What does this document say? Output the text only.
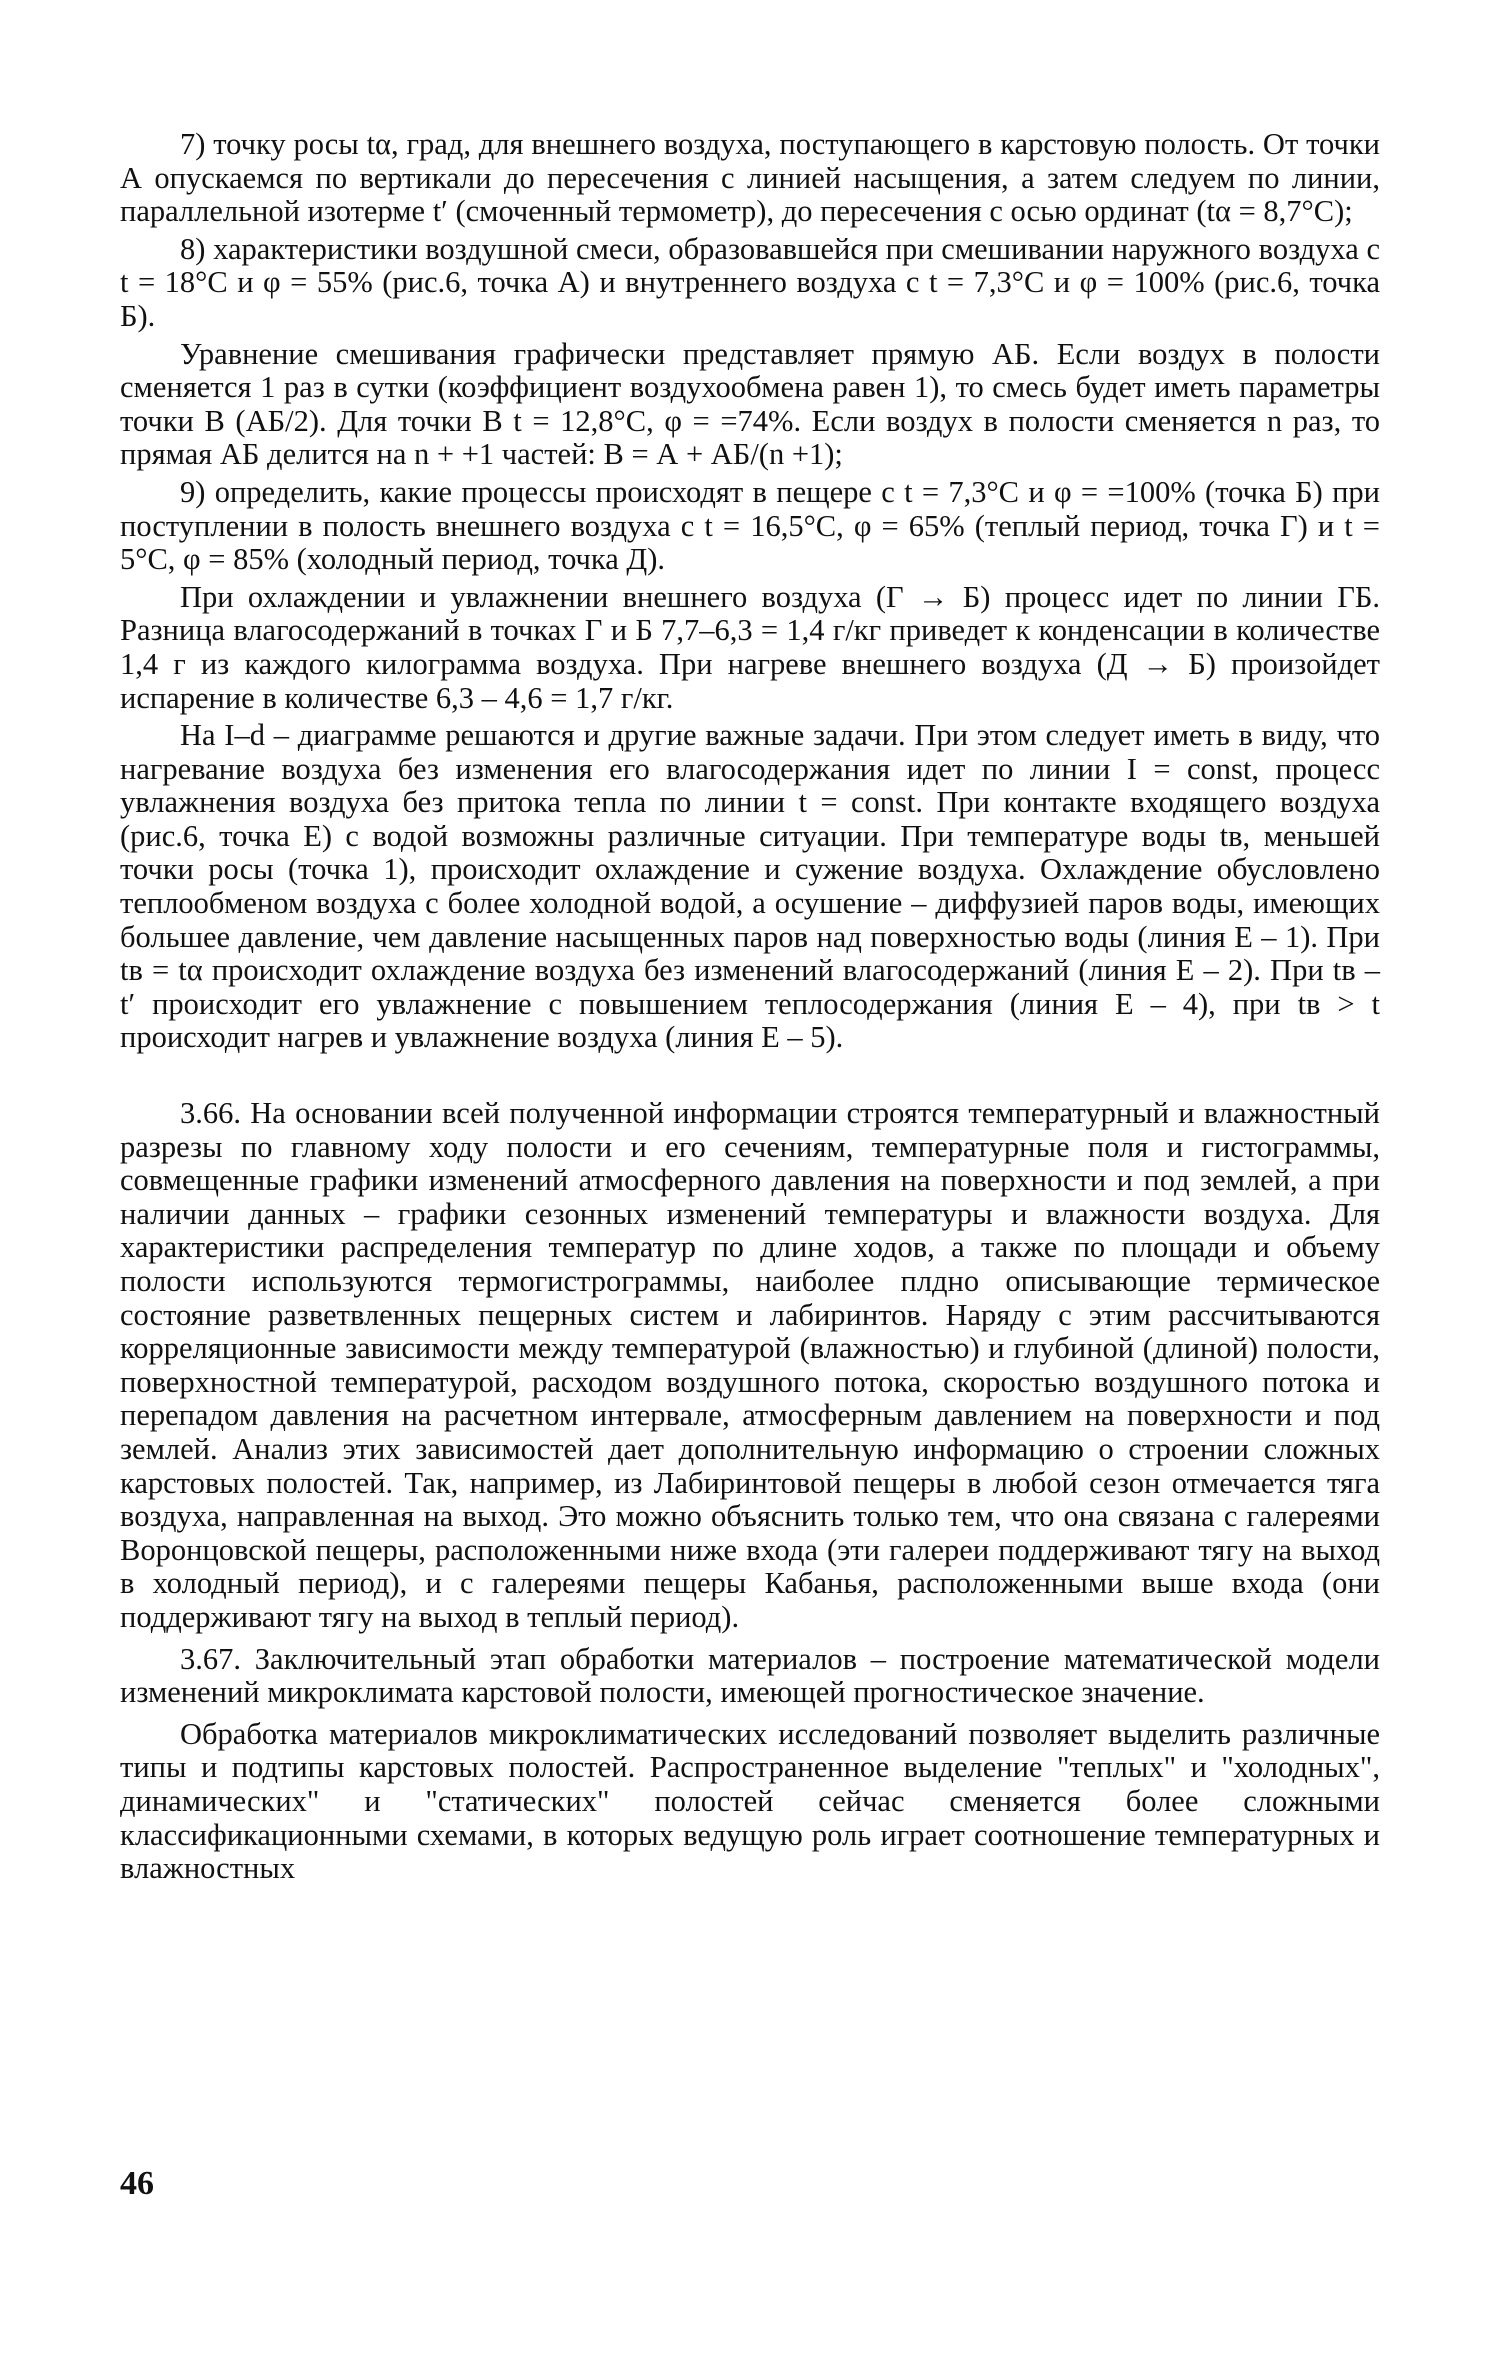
7) точку росы tα, град, для внешнего воздуха, поступающего в карстовую полость. От точки А опускаемся по вертикали до пересечения с линией насыщения, а затем следуем по линии, параллельной изотерме t′ (смоченный термометр), до пересечения с осью ординат (tα = 8,7°С);

8) характеристики воздушной смеси, образовавшейся при смешивании наружного воздуха с t = 18°С и φ = 55% (рис.6, точка А) и внутреннего воздуха с t = 7,3°С и φ = 100% (рис.6, точка Б).

Уравнение смешивания графически представляет прямую АБ. Если воздух в полости сменяется 1 раз в сутки (коэффициент воздухообмена равен 1), то смесь будет иметь параметры точки В (АБ/2). Для точки В t = 12,8°С, φ = =74%. Если воздух в полости сменяется n раз, то прямая АБ делится на n + +1 частей: В = А + АБ/(n +1);

9) определить, какие процессы происходят в пещере с t = 7,3°С и φ = =100% (точка Б) при поступлении в полость внешнего воздуха с t = 16,5°С, φ = 65% (теплый период, точка Г) и t = 5°С, φ = 85% (холодный период, точка Д).

При охлаждении и увлажнении внешнего воздуха (Г → Б) процесс идет по линии ГБ. Разница влагосодержаний в точках Г и Б 7,7–6,3 = 1,4 г/кг приведет к конденсации в количестве 1,4 г из каждого килограмма воздуха. При нагреве внешнего воздуха (Д → Б) произойдет испарение в количестве 6,3 – 4,6 = 1,7 г/кг.

На I–d – диаграмме решаются и другие важные задачи. При этом следует иметь в виду, что нагревание воздуха без изменения его влагосодержания идет по линии I = const, процесс увлажнения воздуха без притока тепла по линии t = const. При контакте входящего воздуха (рис.6, точка Е) с водой возможны различные ситуации. При температуре воды tв, меньшей точки росы (точка 1), происходит охлаждение и сужение воздуха. Охлаждение обусловлено теплообменом воздуха с более холодной водой, а осушение – диффузией паров воды, имеющих большее давление, чем давление насыщенных паров над поверхностью воды (линия Е – 1). При tв = tα происходит охлаждение воздуха без изменений влагосодержаний (линия Е – 2). При tв – t′ происходит его увлажнение с повышением теплосодержания (линия Е – 4), при tв > t происходит нагрев и увлажнение воздуха (линия Е – 5).

3.66. На основании всей полученной информации строятся температурный и влажностный разрезы по главному ходу полости и его сечениям, температурные поля и гистограммы, совмещенные графики изменений атмосферного давления на поверхности и под землей, а при наличии данных – графики сезонных изменений температуры и влажности воздуха. Для характеристики распределения температур по длине ходов, а также по площади и объему полости используются термогистрограммы, наиболее плдно описывающие термическое состояние разветвленных пещерных систем и лабиринтов. Наряду с этим рассчитываются корреляционные зависимости между температурой (влажностью) и глубиной (длиной) полости, поверхностной температурой, расходом воздушного потока, скоростью воздушного потока и перепадом давления на расчетном интервале, атмосферным давлением на поверхности и под землей. Анализ этих зависимостей дает дополнительную информацию о строении сложных карстовых полостей. Так, например, из Лабиринтовой пещеры в любой сезон отмечается тяга воздуха, направленная на выход. Это можно объяснить только тем, что она связана с галереями Воронцовской пещеры, расположенными ниже входа (эти галереи поддерживают тягу на выход в холодный период), и с галереями пещеры Кабанья, расположенными выше входа (они поддерживают тягу на выход в теплый период).

3.67. Заключительный этап обработки материалов – построение математической модели изменений микроклимата карстовой полости, имеющей прогностическое значение.

Обработка материалов микроклиматических исследований позволяет выделить различные типы и подтипы карстовых полостей. Распространенное выделение "теплых" и "холодных", динамических" и "статических" полостей сейчас сменяется более сложными классификационными схемами, в которых ведущую роль играет соотношение температурных и влажностных

46
